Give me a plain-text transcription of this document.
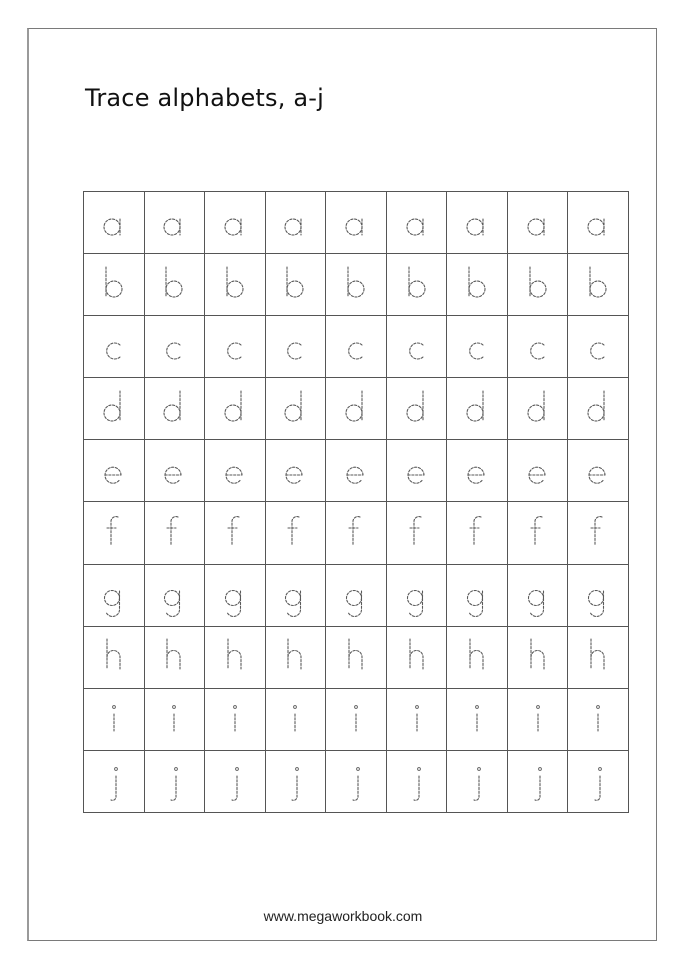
Trace alphabets, a-j
www.megaworkbook.com
